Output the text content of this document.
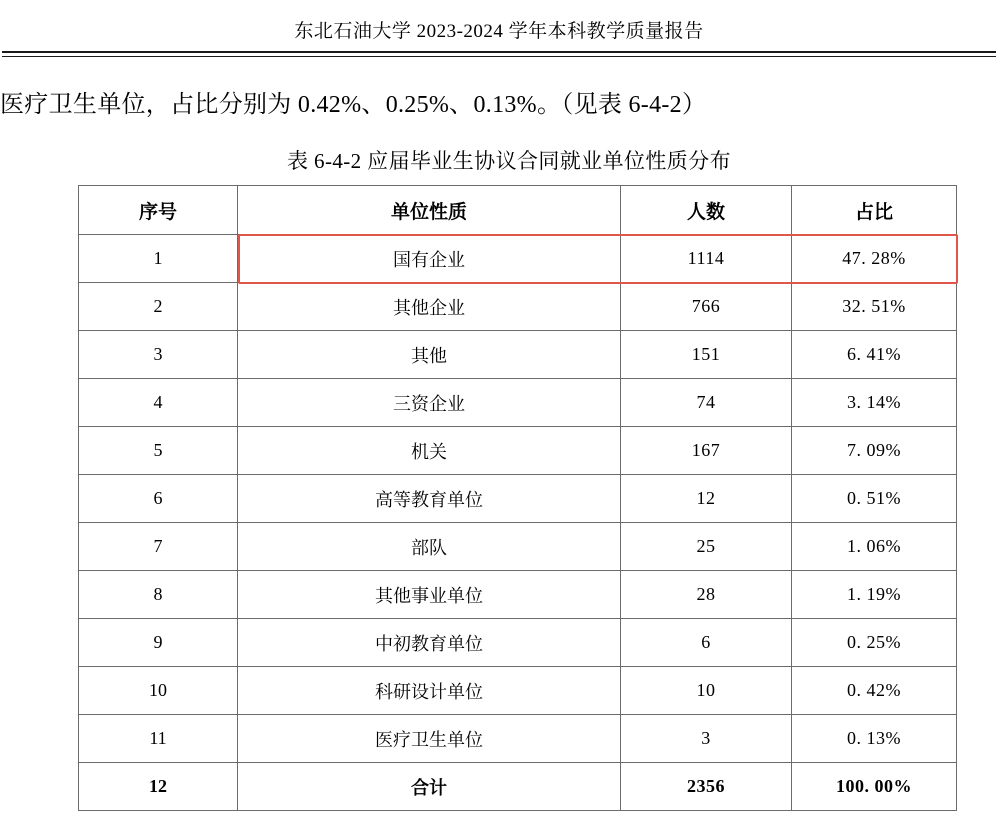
东北石油大学 2023-2024 学年本科教学质量报告
医疗卫生单位，占比分别为 0.42%、0.25%、0.13%。（见表 6-4-2）
表 6-4-2 应届毕业生协议合同就业单位性质分布
序号	单位性质	人数	占比
1	国有企业	1114	47. 28%
2	其他企业	766	32. 51%
3	其他	151	6. 41%
4	三资企业	74	3. 14%
5	机关	167	7. 09%
6	高等教育单位	12	0. 51%
7	部队	25	1. 06%
8	其他事业单位	28	1. 19%
9	中初教育单位	6	0. 25%
10	科研设计单位	10	0. 42%
11	医疗卫生单位	3	0. 13%
12	合计	2356	100. 00%
